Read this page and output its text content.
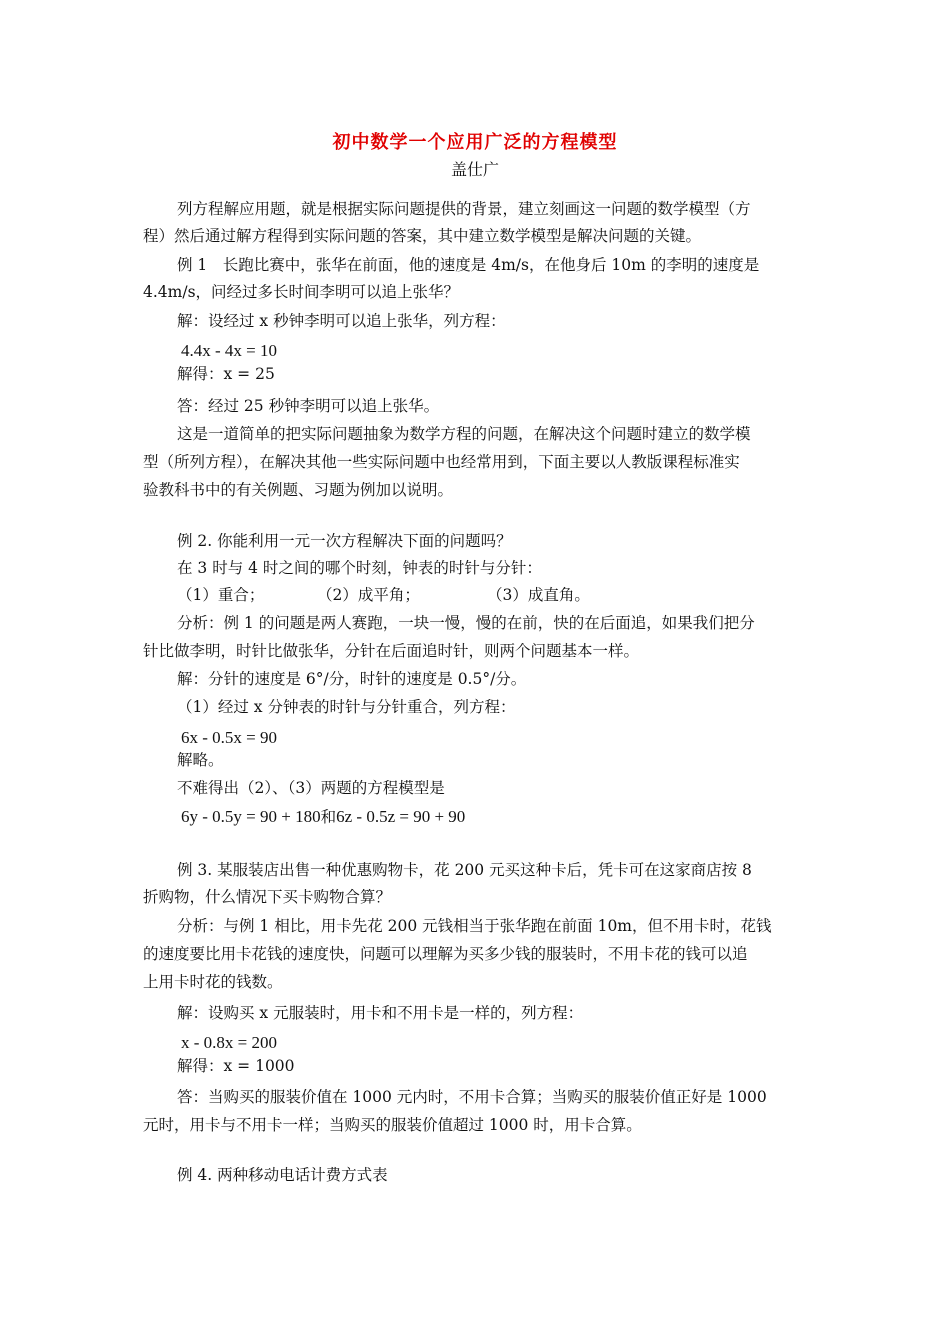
初中数学一个应用广泛的方程模型
盖仕广
列方程解应用题，就是根据实际问题提供的背景，建立刻画这一问题的数学模型（方
程）然后通过解方程得到实际问题的答案，其中建立数学模型是解决问题的关键。
例 1　长跑比赛中，张华在前面，他的速度是 4m/s，在他身后 10m 的李明的速度是
4.4m/s，问经过多长时间李明可以追上张华？
解：设经过 x 秒钟李明可以追上张华，列方程：
4.4x - 4x = 10
解得：x = 25
答：经过 25 秒钟李明可以追上张华。
这是一道简单的把实际问题抽象为数学方程的问题，在解决这个问题时建立的数学模
型（所列方程），在解决其他一些实际问题中也经常用到，下面主要以人教版课程标准实
验教科书中的有关例题、习题为例加以说明。
例 2. 你能利用一元一次方程解决下面的问题吗？
在 3 时与 4 时之间的哪个时刻，钟表的时针与分针：
（1）重合；	（2）成平角；	（3）成直角。
分析：例 1 的问题是两人赛跑，一块一慢，慢的在前，快的在后面追，如果我们把分
针比做李明，时针比做张华，分针在后面追时针，则两个问题基本一样。
解：分针的速度是 6°/分，时针的速度是 0.5°/分。
（1）经过 x 分钟表的时针与分针重合，列方程：
6x - 0.5x = 90
解略。
不难得出（2）、（3）两题的方程模型是
6y - 0.5y = 90 + 180和6z - 0.5z = 90 + 90
例 3. 某服装店出售一种优惠购物卡，花 200 元买这种卡后，凭卡可在这家商店按 8
折购物，什么情况下买卡购物合算？
分析：与例 1 相比，用卡先花 200 元钱相当于张华跑在前面 10m，但不用卡时，花钱
的速度要比用卡花钱的速度快，问题可以理解为买多少钱的服装时，不用卡花的钱可以追
上用卡时花的钱数。
解：设购买 x 元服装时，用卡和不用卡是一样的，列方程：
x - 0.8x = 200
解得：x = 1000
答：当购买的服装价值在 1000 元内时，不用卡合算；当购买的服装价值正好是 1000
元时，用卡与不用卡一样；当购买的服装价值超过 1000 时，用卡合算。
例 4. 两种移动电话计费方式表
